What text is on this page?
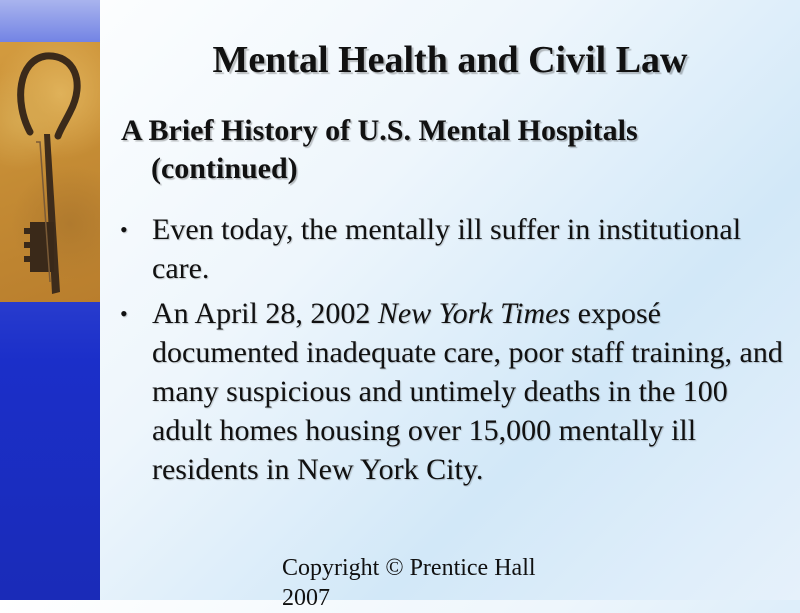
Mental Health and Civil Law
A Brief History of U.S. Mental Hospitals
(continued)
• Even today, the mentally ill suffer in institutional care.
• An April 28, 2002 New York Times exposé documented inadequate care, poor staff training, and many suspicious and untimely deaths in the 100 adult homes housing over 15,000 mentally ill residents in New York City.
Copyright © Prentice Hall 2007
